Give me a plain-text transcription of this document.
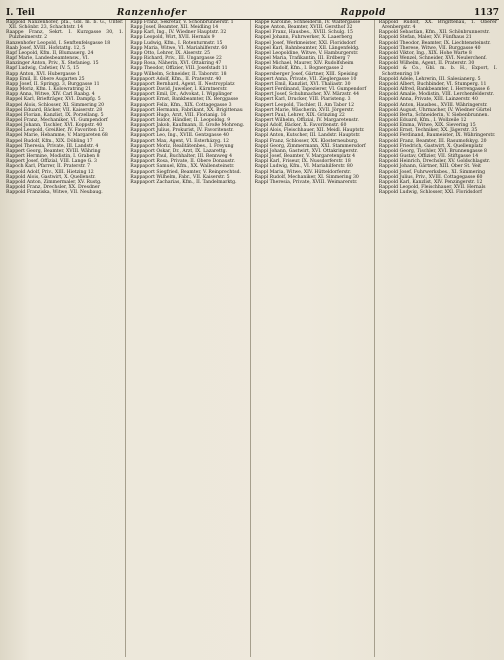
I. Teil	Ranzenhofer	Rappold	1137
Rappold Nanzenhofer, pfa., Gbl. m. b. G., Unter. XII. Schönbr. 23, Schachtstr. 14
Raappe Franz, Sekrt. I. Kurzgasse 30, 1. Pulzheimerstr. 2
Ranzenhofer Leopold, I. Senftenfelsgasse 18
Raab Josef, XVIII. Hofstattg. 12, 5
Rapf Leopold, Kfm. II, Blumauerg. 24
Rapf Marie, Landesbeamtensw., VI.
Ranzinger Anton, Priv., X. Stefanieg. 15
Rapf Ludwig, Cafetier, IV. 5, 15
Rapp Anton, XVI. Hubergasse 1
Rapp Emil, II. Obere Augarten 25
Rapp Josef, II. Springg. 3, Burggasse 11
Rapp Moriz, Kfm. I. Kolowratring 21
Rapp Anna, Witwe, XIV. Carl Raabg. 4
Rappel Karl, Briefträger, XVI. Dampfg. 5
Rappel Alois, Schlosser, XI. Simmering 20
Rappel Eduard, Bäcker, VII. Kaiserstr. 28
Rappel Florian, Kanzlist, IX. Porzellang. 5
Rappel Franz, Mechaniker, VI. Gumpendorf
Rappel Johann, Tischler, XVI. Koppstr. 40
Rappel Leopold, Greißler, IV. Favoriten 12
Rappel Marie, Hebamme, V. Margareten 68
Rappel Rudolf, Kfm., XIX. Döbling 17
Rappel Theresia, Private, III. Landstr. 4
Rappert Georg, Beamter, XVIII. Währing
Rappert Hermine, Modistin, I. Graben 8
Rappert Josef, Offizial, VIII. Lange G. 3
Rapoch Karl, Pfarrer, II. Praterstr. 7
Rappold Adolf, Priv., XIII. Hietzing 12
Rappold Alois, Gastwirt, X. Quellenstr.
Rappold Anton, Zimmermaler, XV. Rustg.
Rappold Franz, Drechsler, XX. Dresdner
Rappold Franziska, Witwe, VII. Neubaug.
Rapp Franz, Sekretär, V. Schönbrunnerstr. 1
Rapp Josef, Beamter, XII. Meidling 14
Rapp Karl, Ing., IV. Wiedner Hauptstr. 32
Rapp Leopold, Wirt, XVII. Hernals 9
Rapp Ludwig, Kfm., I. Rotenturmstr. 15
Rapp Maria, Witwe, VI. Mariahilferstr. 60
Rapp Otto, Lehrer, IX. Alserstr. 25
Rapp Richard, Priv., III. Ungargasse 22
Rapp Rosa, Näherin, XVI. Ottakring 47
Rapp Theodor, Offizier, VIII. Josefstadt 11
Rapp Wilhelm, Schneider, II. Taborstr. 18
Rappaport Adolf, Kfm., II. Praterstr. 40
Rappaport Bernhard, Agent, II. Nestroyplatz
Rappaport David, Juwelier, I. Kärntnerstr.
Rappaport Emil, Dr., Advokat, I. Wipplinger
Rappaport Ernst, Bankbeamter, IX. Berggasse
Rappaport Felix, Kfm., XIX. Cottagegasse 3
Rappaport Hermann, Fabrikant, XX. Brigittenau
Rappaport Hugo, Arzt, VIII. Florianig. 16
Rappaport Isidor, Händler, II. Leopoldsg. 9
Rappaport Jakob, Kaufmann, II. Große Mohreng.
Rappaport Julius, Prokurist, IV. Favoritenstr.
Rappaport Leo, Ing., XVIII. Gentzgasse 40
Rappaport Max, Agent, VI. Esterházyg. 12
Rappaport Moriz, Realitätenbes., I. Freyung
Rappaport Oskar, Dr., Arzt, IX. Lazarettg.
Rappaport Paul, Buchhalter, III. Rennweg 4
Rappaport Rosa, Private, II. Obere Donaustr.
Rappaport Samuel, Kfm., XX. Wallensteinstr.
Rappaport Siegfried, Beamter, V. Reinprechtsd.
Rappaport Wilhelm, Fabr., VII. Kaiserstr. 5
Rappaport Zacharias, Kfm., II. Tandelmarktg.
Rappe Karoline, Schneiderin, IV. Waltergasse
Rappe Anton, Beamter, XVIII. Gersthof 32
Rappel Franz, Hausbes., XVIII. Schulg. 15
Rappel Johann, Fuhrwerker, X. Laaerberg
Rappel Josef, Werkmeister, XXI. Floridsdorf
Rappel Karl, Bahnbeamter, XII. Längenfeldg.
Rappel Leopoldine, Witwe, V. Hamburgerstr.
Rappel Maria, Trafikantin, III. Erdberg 7
Rappel Michael, Maurer, XIV. Rudolfsheim
Rappel Rudolf, Kfm., I. Bognergasse 2
Rappersberger Josef, Gärtner, XIII. Speising
Rappert Anna, Private, VII. Zieglergasse 10
Rappert Emil, Kanzlist, XVI. Thaliastr. 30
Rappert Ferdinand, Tapezierer, VI. Gumpendorf
Rappert Josef, Schuhmacher, XV. Märzstr. 44
Rappert Karl, Drucker, VIII. Piaristeng. 3
Rappert Leopold, Tischler, II. Am Tabor 12
Rappert Marie, Wäscherin, XVII. Jörgerstr.
Rappert Paul, Lehrer, XIX. Grinzing 22
Rappert Wilhelm, Offizial, IV. Margaretenstr.
Rappl Adolf, Bäcker, X. Favoritenstr. 60
Rappl Alois, Fleischhauer, XII. Meidl. Hauptstr.
Rappl Anton, Kutscher, III. Landstr. Hauptstr.
Rappl Franz, Schlosser, XX. Klosterneuburg.
Rappl Georg, Zimmermann, XXI. Stammersdorf
Rappl Johann, Gastwirt, XVI. Ottakringerstr.
Rappl Josef, Beamter, V. Margaretenplatz 4
Rappl Karl, Friseur, IX. Nussdorferstr. 18
Rappl Ludwig, Kfm., VI. Mariahilferstr. 80
Rappl Maria, Witwe, XIV. Hütteldorferstr.
Rappl Rudolf, Mechaniker, XI. Simmering 30
Rappl Theresia, Private, XVIII. Weimarerstr.
Rappold Rudolf, XX. Brigittenau, 1. Oberer Arenbergstr. 4
Rappold Sebastian, Kfm., XII. Schönbrunnerstr.
Rappold Stefan, Maler, XV. Fünfhaus 21
Rappold Theodor, Beamter, IX. Liechtensteinstr.
Rappold Therese, Witwe, VII. Burggasse 40
Rappold Viktor, Ing., XIX. Hohe Warte 8
Rappold Wenzel, Schneider, XVI. Neulerchenf.
Rappold Wilhelm, Agent, II. Praterstr. 30
Rappold & Co., Gbl. m. b. H., Export, I. Schottenring 19
Rappold Adele, Lehrerin, III. Salesianerg. 5
Rappold Albert, Buchbinder, VI. Stumperg. 11
Rappold Alfred, Bankbeamter, I. Herrengasse 6
Rappold Amalie, Modistin, VIII. Lerchenfelderstr.
Rappold Anna, Private, XIII. Lainzerstr. 40
Rappold Anton, Hausbes., XVIII. Währingerstr.
Rappold August, Uhrmacher, IV. Wiedner Gürtel
Rappold Berta, Schneiderin, V. Siebenbrunnen.
Rappold Eduard, Kfm., I. Wollzeile 12
Rappold Emma, Witwe, XIX. Sievering 15
Rappold Ernst, Techniker, XX. Jägerstr. 35
Rappold Ferdinand, Baumeister, IX. Währingerstr.
Rappold Franz, Beamter, III. Rasumofskyg. 20
Rappold Friedrich, Gastwirt, X. Quellenplatz
Rappold Georg, Tischler, XVI. Brunnengasse 8
Rappold Gustav, Offizier, VII. Stiftgasse 14
Rappold Heinrich, Drechsler, XV. Goldschlagstr.
Rappold Johann, Gärtner, XIII. Ober St. Veit
Rappold Josef, Fuhrwerksbes., XI. Simmering
Rappold Julius, Priv., XVIII. Cottagegasse 60
Rappold Karl, Kanzlist, XIV. Penzingerstr. 12
Rappold Leopold, Fleischhauer, XVII. Hernals
Rappold Ludwig, Schlosser, XXI. Floridsdorf
